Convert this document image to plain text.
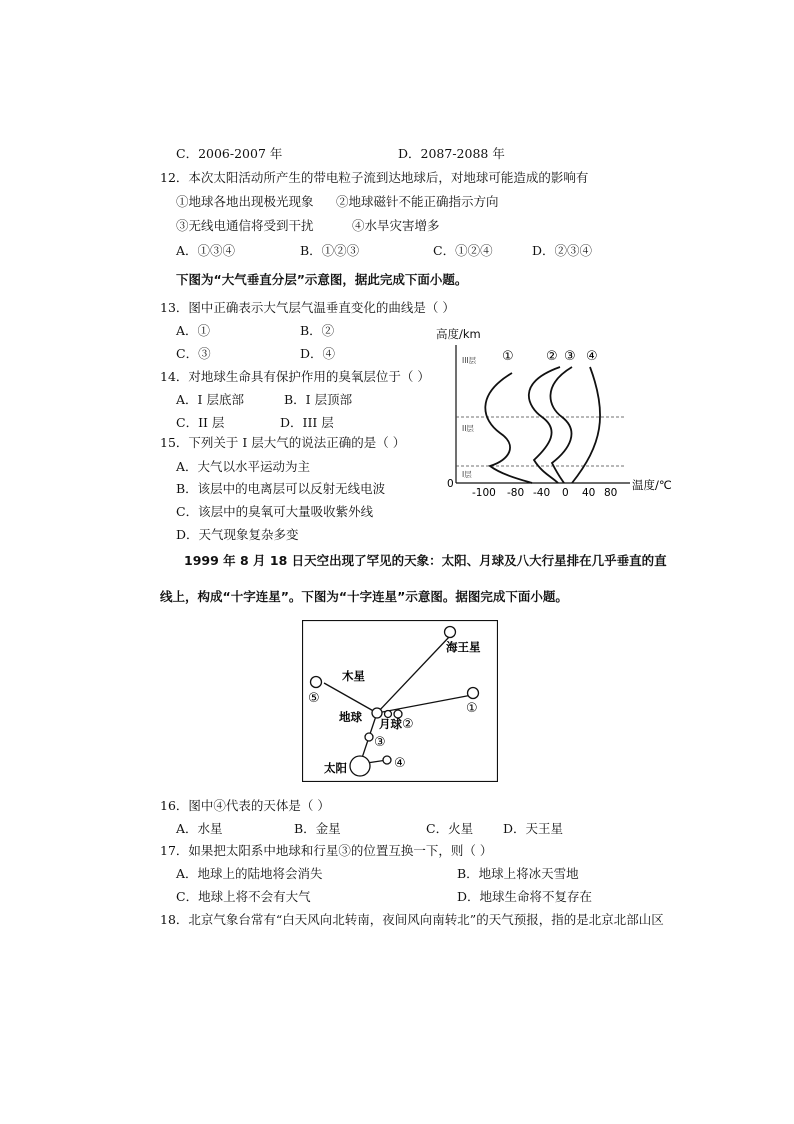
C．2006-2007 年	D．2087-2088 年
12．本次太阳活动所产生的带电粒子流到达地球后，对地球可能造成的影响有
①地球各地出现极光现象 ②地球磁针不能正确指示方向
③无线电通信将受到干扰	④水旱灾害增多
A．①③④	B．①②③	C．①②④	D．②③④
下图为“大气垂直分层”示意图，据此完成下面小题。
13．图中正确表示大气层气温垂直变化的曲线是（ ）
A．①	B．②
C．③	D．④
14．对地球生命具有保护作用的臭氧层位于（ ）
A．I 层底部	B．I 层顶部
C．II 层	D．III 层
15．下列关于 I 层大气的说法正确的是（ ）
A．大气以水平运动为主
B．该层中的电离层可以反射无线电波
C．该层中的臭氧可大量吸收紫外线
D．天气现象复杂多变
高度/km
0
III层
II层
I层
① ② ③ ④
-100 -80 -40 0 40 80
温度/℃
1999 年 8 月 18 日天空出现了罕见的天象：太阳、月球及八大行星排在几乎垂直的直
线上，构成“十字连星”。下图为“十字连星”示意图。据图完成下面小题。
海王星
木星
地球 月球
太阳
①
②
③
④
⑤
16．图中④代表的天体是（ ）
A．水星	B．金星	C．火星 D．天王星
17．如果把太阳系中地球和行星③的位置互换一下，则（ ）
A．地球上的陆地将会消失	B．地球上将冰天雪地
C．地球上将不会有大气	D．地球生命将不复存在
18．北京气象台常有“白天风向北转南，夜间风向南转北”的天气预报，指的是北京北部山区
